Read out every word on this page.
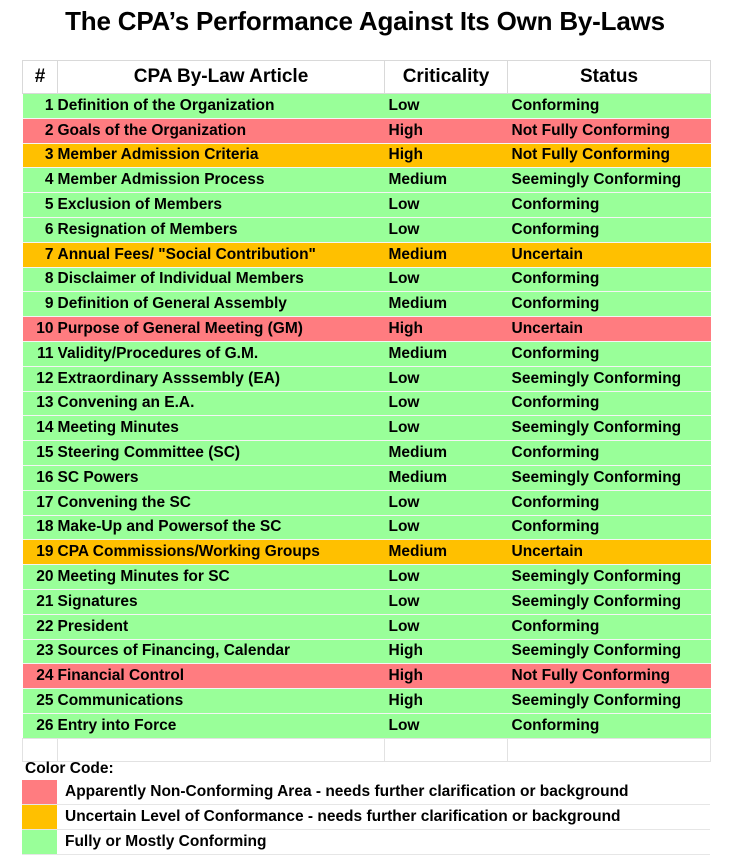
The CPA’s Performance Against Its Own By-Laws
#	CPA By-Law Article	Criticality	Status
1	Definition of the Organization	Low	Conforming
2	Goals of the Organization	High	Not Fully Conforming
3	Member Admission Criteria	High	Not Fully Conforming
4	Member Admission Process	Medium	Seemingly Conforming
5	Exclusion of Members	Low	Conforming
6	Resignation of Members	Low	Conforming
7	Annual Fees/ "Social Contribution"	Medium	Uncertain
8	Disclaimer of Individual Members	Low	Conforming
9	Definition of General Assembly	Medium	Conforming
10	Purpose of General Meeting (GM)	High	Uncertain
11	Validity/Procedures of G.M.	Medium	Conforming
12	Extraordinary Asssembly (EA)	Low	Seemingly Conforming
13	Convening an E.A.	Low	Conforming
14	Meeting Minutes	Low	Seemingly Conforming
15	Steering Committee (SC)	Medium	Conforming
16	SC Powers	Medium	Seemingly Conforming
17	Convening the SC	Low	Conforming
18	Make-Up and Powersof the SC	Low	Conforming
19	CPA Commissions/Working Groups	Medium	Uncertain
20	Meeting Minutes for SC	Low	Seemingly Conforming
21	Signatures	Low	Seemingly Conforming
22	President	Low	Conforming
23	Sources of Financing, Calendar	High	Seemingly Conforming
24	Financial Control	High	Not Fully Conforming
25	Communications	High	Seemingly Conforming
26	Entry into Force	Low	Conforming

Color Code:
Apparently Non-Conforming Area - needs further clarification or background
Uncertain Level of Conformance - needs further clarification or background
Fully or Mostly Conforming
